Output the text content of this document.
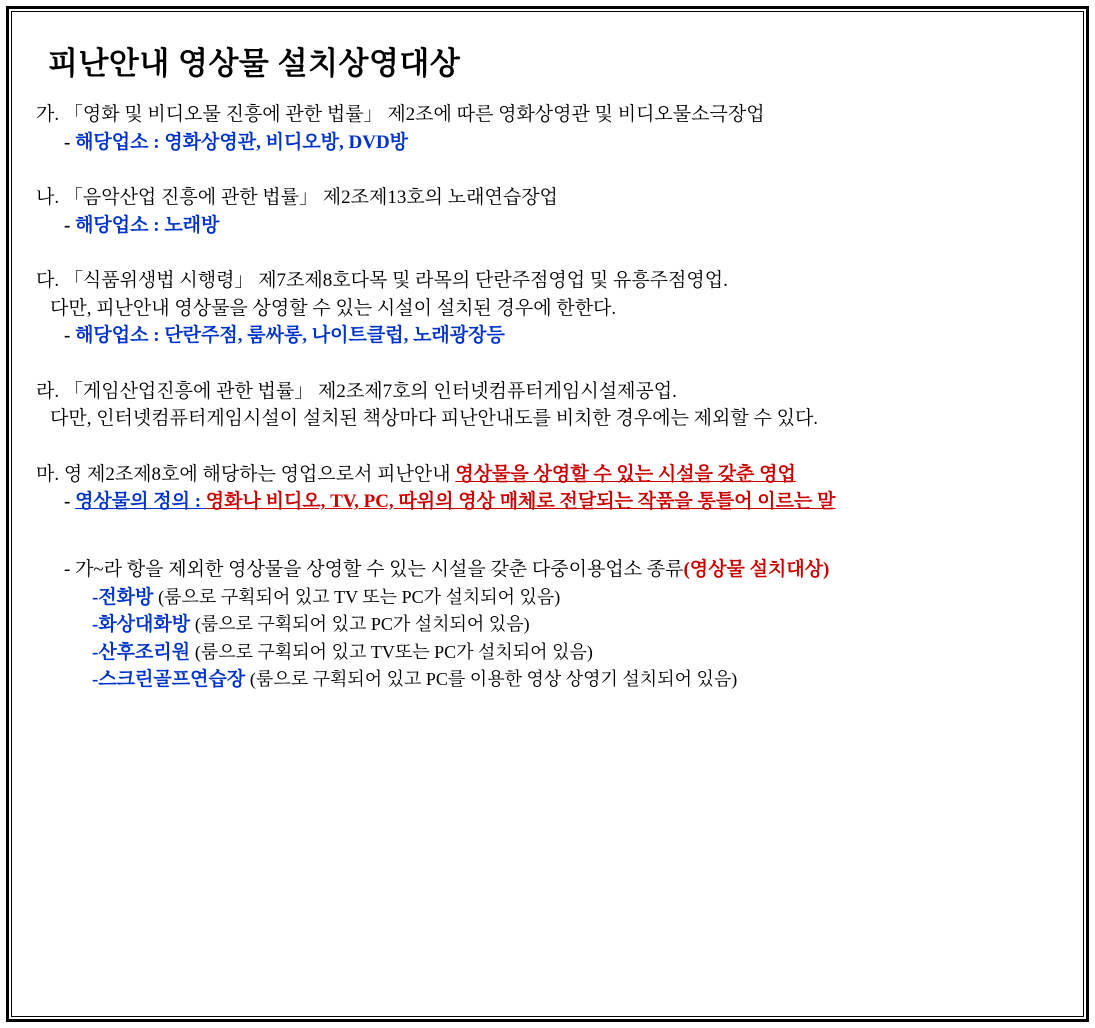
피난안내 영상물 설치상영대상
가. 「영화 및 비디오물 진흥에 관한 법률」 제2조에 따른 영화상영관 및 비디오물소극장업
- 해당업소 : 영화상영관, 비디오방, DVD방
나. 「음악산업 진흥에 관한 법률」 제2조제13호의 노래연습장업
- 해당업소 : 노래방
다. 「식품위생법 시행령」 제7조제8호다목 및 라목의 단란주점영업 및 유흥주점영업.
다만, 피난안내 영상물을 상영할 수 있는 시설이 설치된 경우에 한한다.
- 해당업소 : 단란주점, 룸싸롱, 나이트클럽, 노래광장등
라. 「게임산업진흥에 관한 법률」 제2조제7호의 인터넷컴퓨터게임시설제공업.
다만, 인터넷컴퓨터게임시설이 설치된 책상마다 피난안내도를 비치한 경우에는 제외할 수 있다.
마. 영 제2조제8호에 해당하는 영업으로서 피난안내 영상물을 상영할 수 있는 시설을 갖춘 영업
- 영상물의 정의 : 영화나 비디오, TV, PC, 따위의 영상 매체로 전달되는 작품을 통틀어 이르는 말
- 가~라 항을 제외한 영상물을 상영할 수 있는 시설을 갖춘 다중이용업소 종류(영상물 설치대상)
-전화방 (룸으로 구획되어 있고 TV 또는 PC가 설치되어 있음)
-화상대화방 (룸으로 구획되어 있고 PC가 설치되어 있음)
-산후조리원 (룸으로 구획되어 있고 TV또는 PC가 설치되어 있음)
-스크린골프연습장 (룸으로 구획되어 있고 PC를 이용한 영상 상영기 설치되어 있음)
